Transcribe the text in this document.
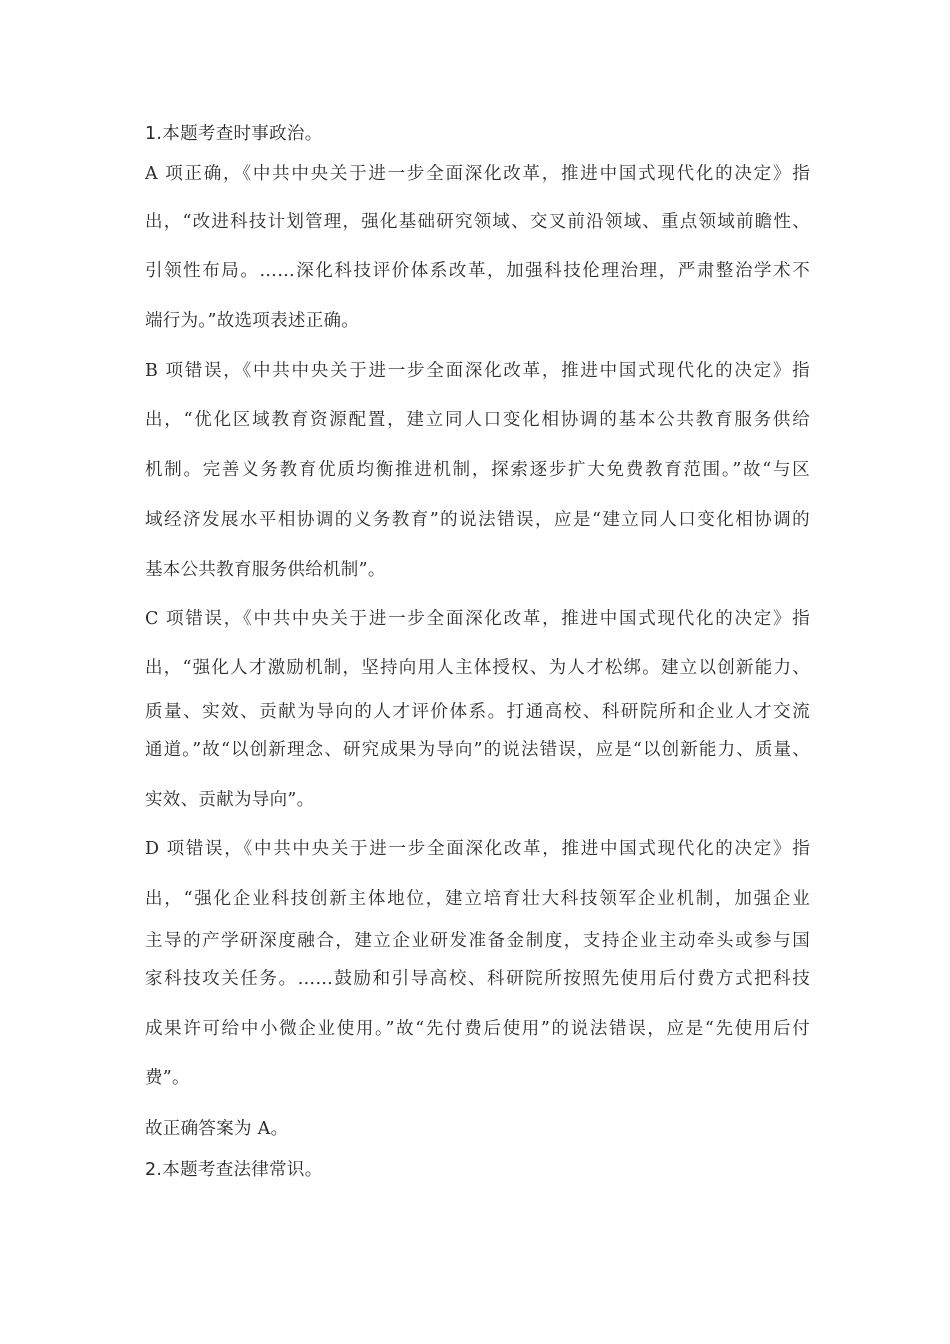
1.本题考查时事政治。
A 项正确，《中共中央关于进一步全面深化改革，推进中国式现代化的决定》指
出，“改进科技计划管理，强化基础研究领域、交叉前沿领域、重点领域前瞻性、
引领性布局。……深化科技评价体系改革，加强科技伦理治理，严肃整治学术不
端行为。”故选项表述正确。
B 项错误，《中共中央关于进一步全面深化改革，推进中国式现代化的决定》指
出，“优化区域教育资源配置，建立同人口变化相协调的基本公共教育服务供给
机制。完善义务教育优质均衡推进机制，探索逐步扩大免费教育范围。”故“与区
域经济发展水平相协调的义务教育”的说法错误，应是“建立同人口变化相协调的
基本公共教育服务供给机制”。
C 项错误，《中共中央关于进一步全面深化改革，推进中国式现代化的决定》指
出，“强化人才激励机制，坚持向用人主体授权、为人才松绑。建立以创新能力、
质量、实效、贡献为导向的人才评价体系。打通高校、科研院所和企业人才交流
通道。”故“以创新理念、研究成果为导向”的说法错误，应是“以创新能力、质量、
实效、贡献为导向”。
D 项错误，《中共中央关于进一步全面深化改革，推进中国式现代化的决定》指
出，“强化企业科技创新主体地位，建立培育壮大科技领军企业机制，加强企业
主导的产学研深度融合，建立企业研发准备金制度，支持企业主动牵头或参与国
家科技攻关任务。……鼓励和引导高校、科研院所按照先使用后付费方式把科技
成果许可给中小微企业使用。”故“先付费后使用”的说法错误，应是“先使用后付
费”。
故正确答案为 A。
2.本题考查法律常识。
